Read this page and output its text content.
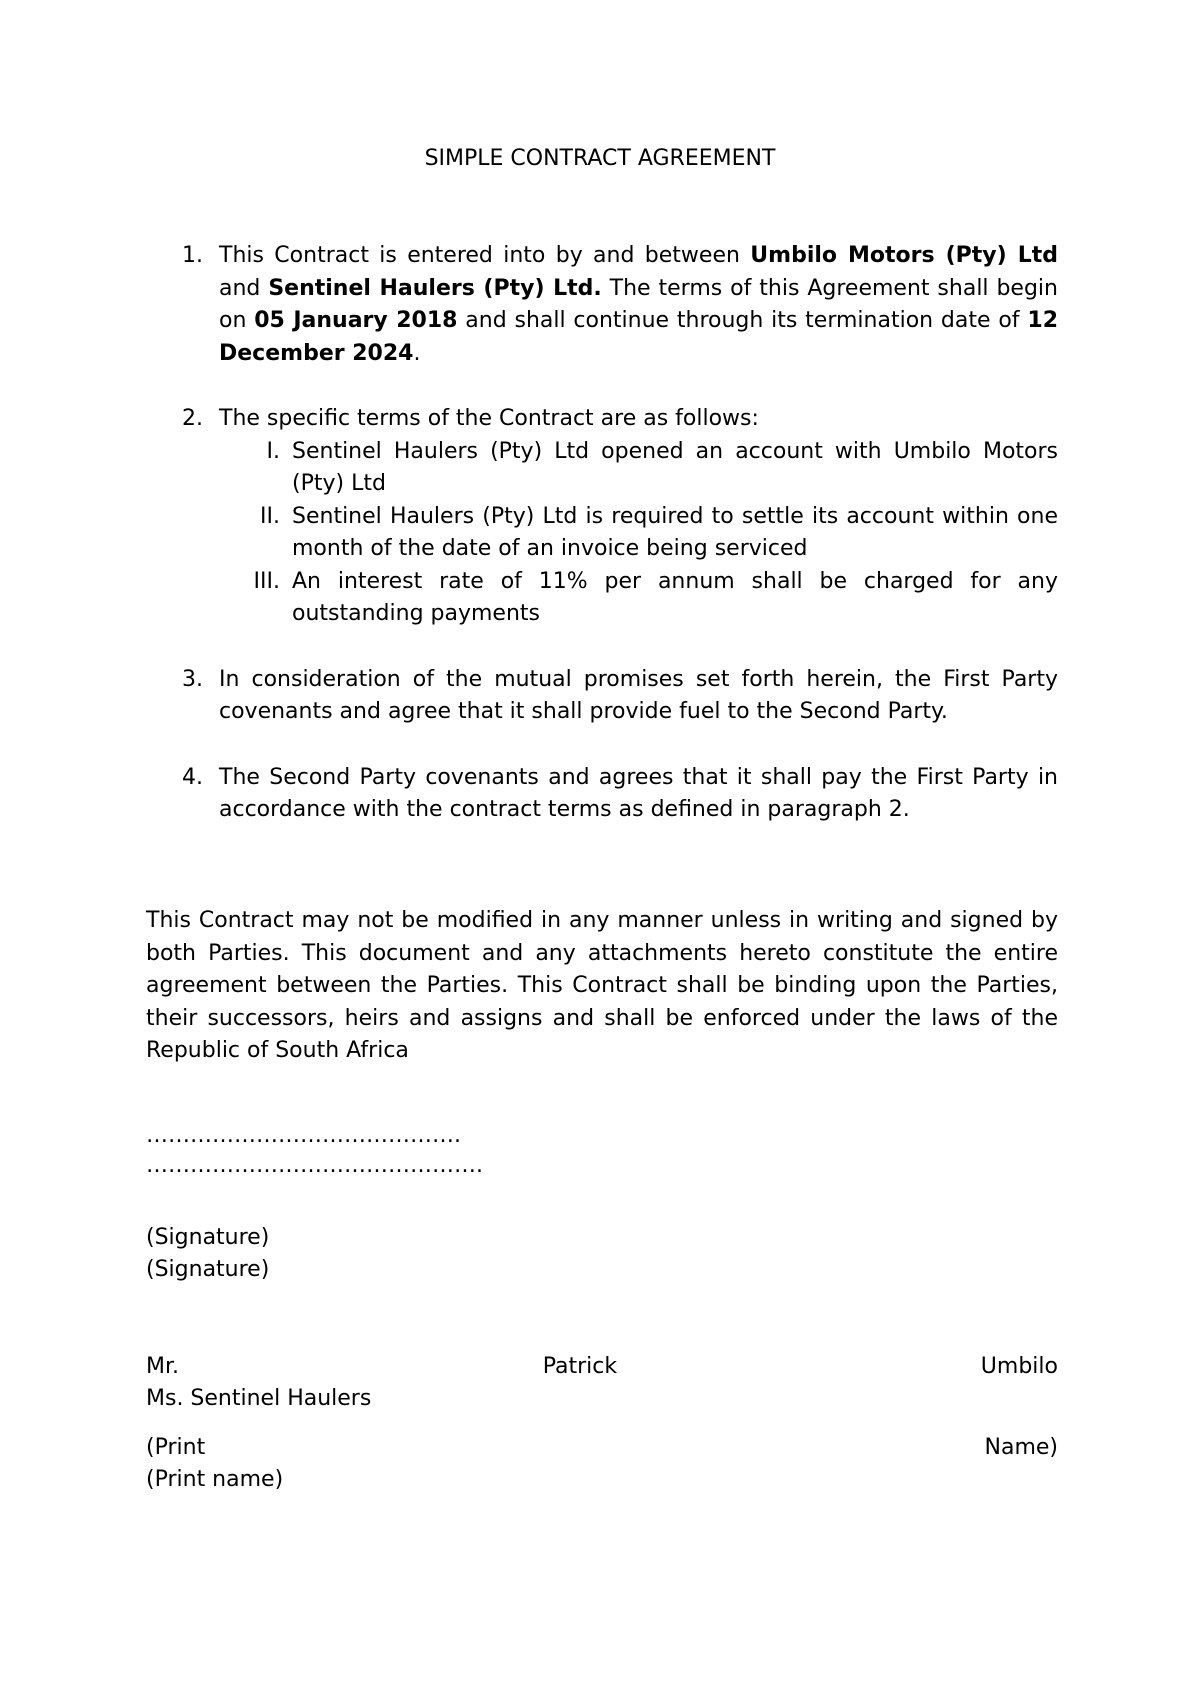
SIMPLE CONTRACT AGREEMENT
1. This Contract is entered into by and between Umbilo Motors (Pty) Ltd and Sentinel Haulers (Pty) Ltd. The terms of this Agreement shall begin on 05 January 2018 and shall continue through its termination date of 12 December 2024.
2. The specific terms of the Contract are as follows:
I. Sentinel Haulers (Pty) Ltd opened an account with Umbilo Motors (Pty) Ltd
II. Sentinel Haulers (Pty) Ltd is required to settle its account within one month of the date of an invoice being serviced
III. An interest rate of 11% per annum shall be charged for any outstanding payments
3. In consideration of the mutual promises set forth herein, the First Party covenants and agree that it shall provide fuel to the Second Party.
4. The Second Party covenants and agrees that it shall pay the First Party in accordance with the contract terms as defined in paragraph 2.
This Contract may not be modified in any manner unless in writing and signed by both Parties. This document and any attachments hereto constitute the entire agreement between the Parties. This Contract shall be binding upon the Parties, their successors, heirs and assigns and shall be enforced under the laws of the Republic of South Africa
…………………………………….
……………………………………….
(Signature)
(Signature)
Mr.	Patrick	Umbilo
Ms. Sentinel Haulers
(Print	Name)
(Print name)
